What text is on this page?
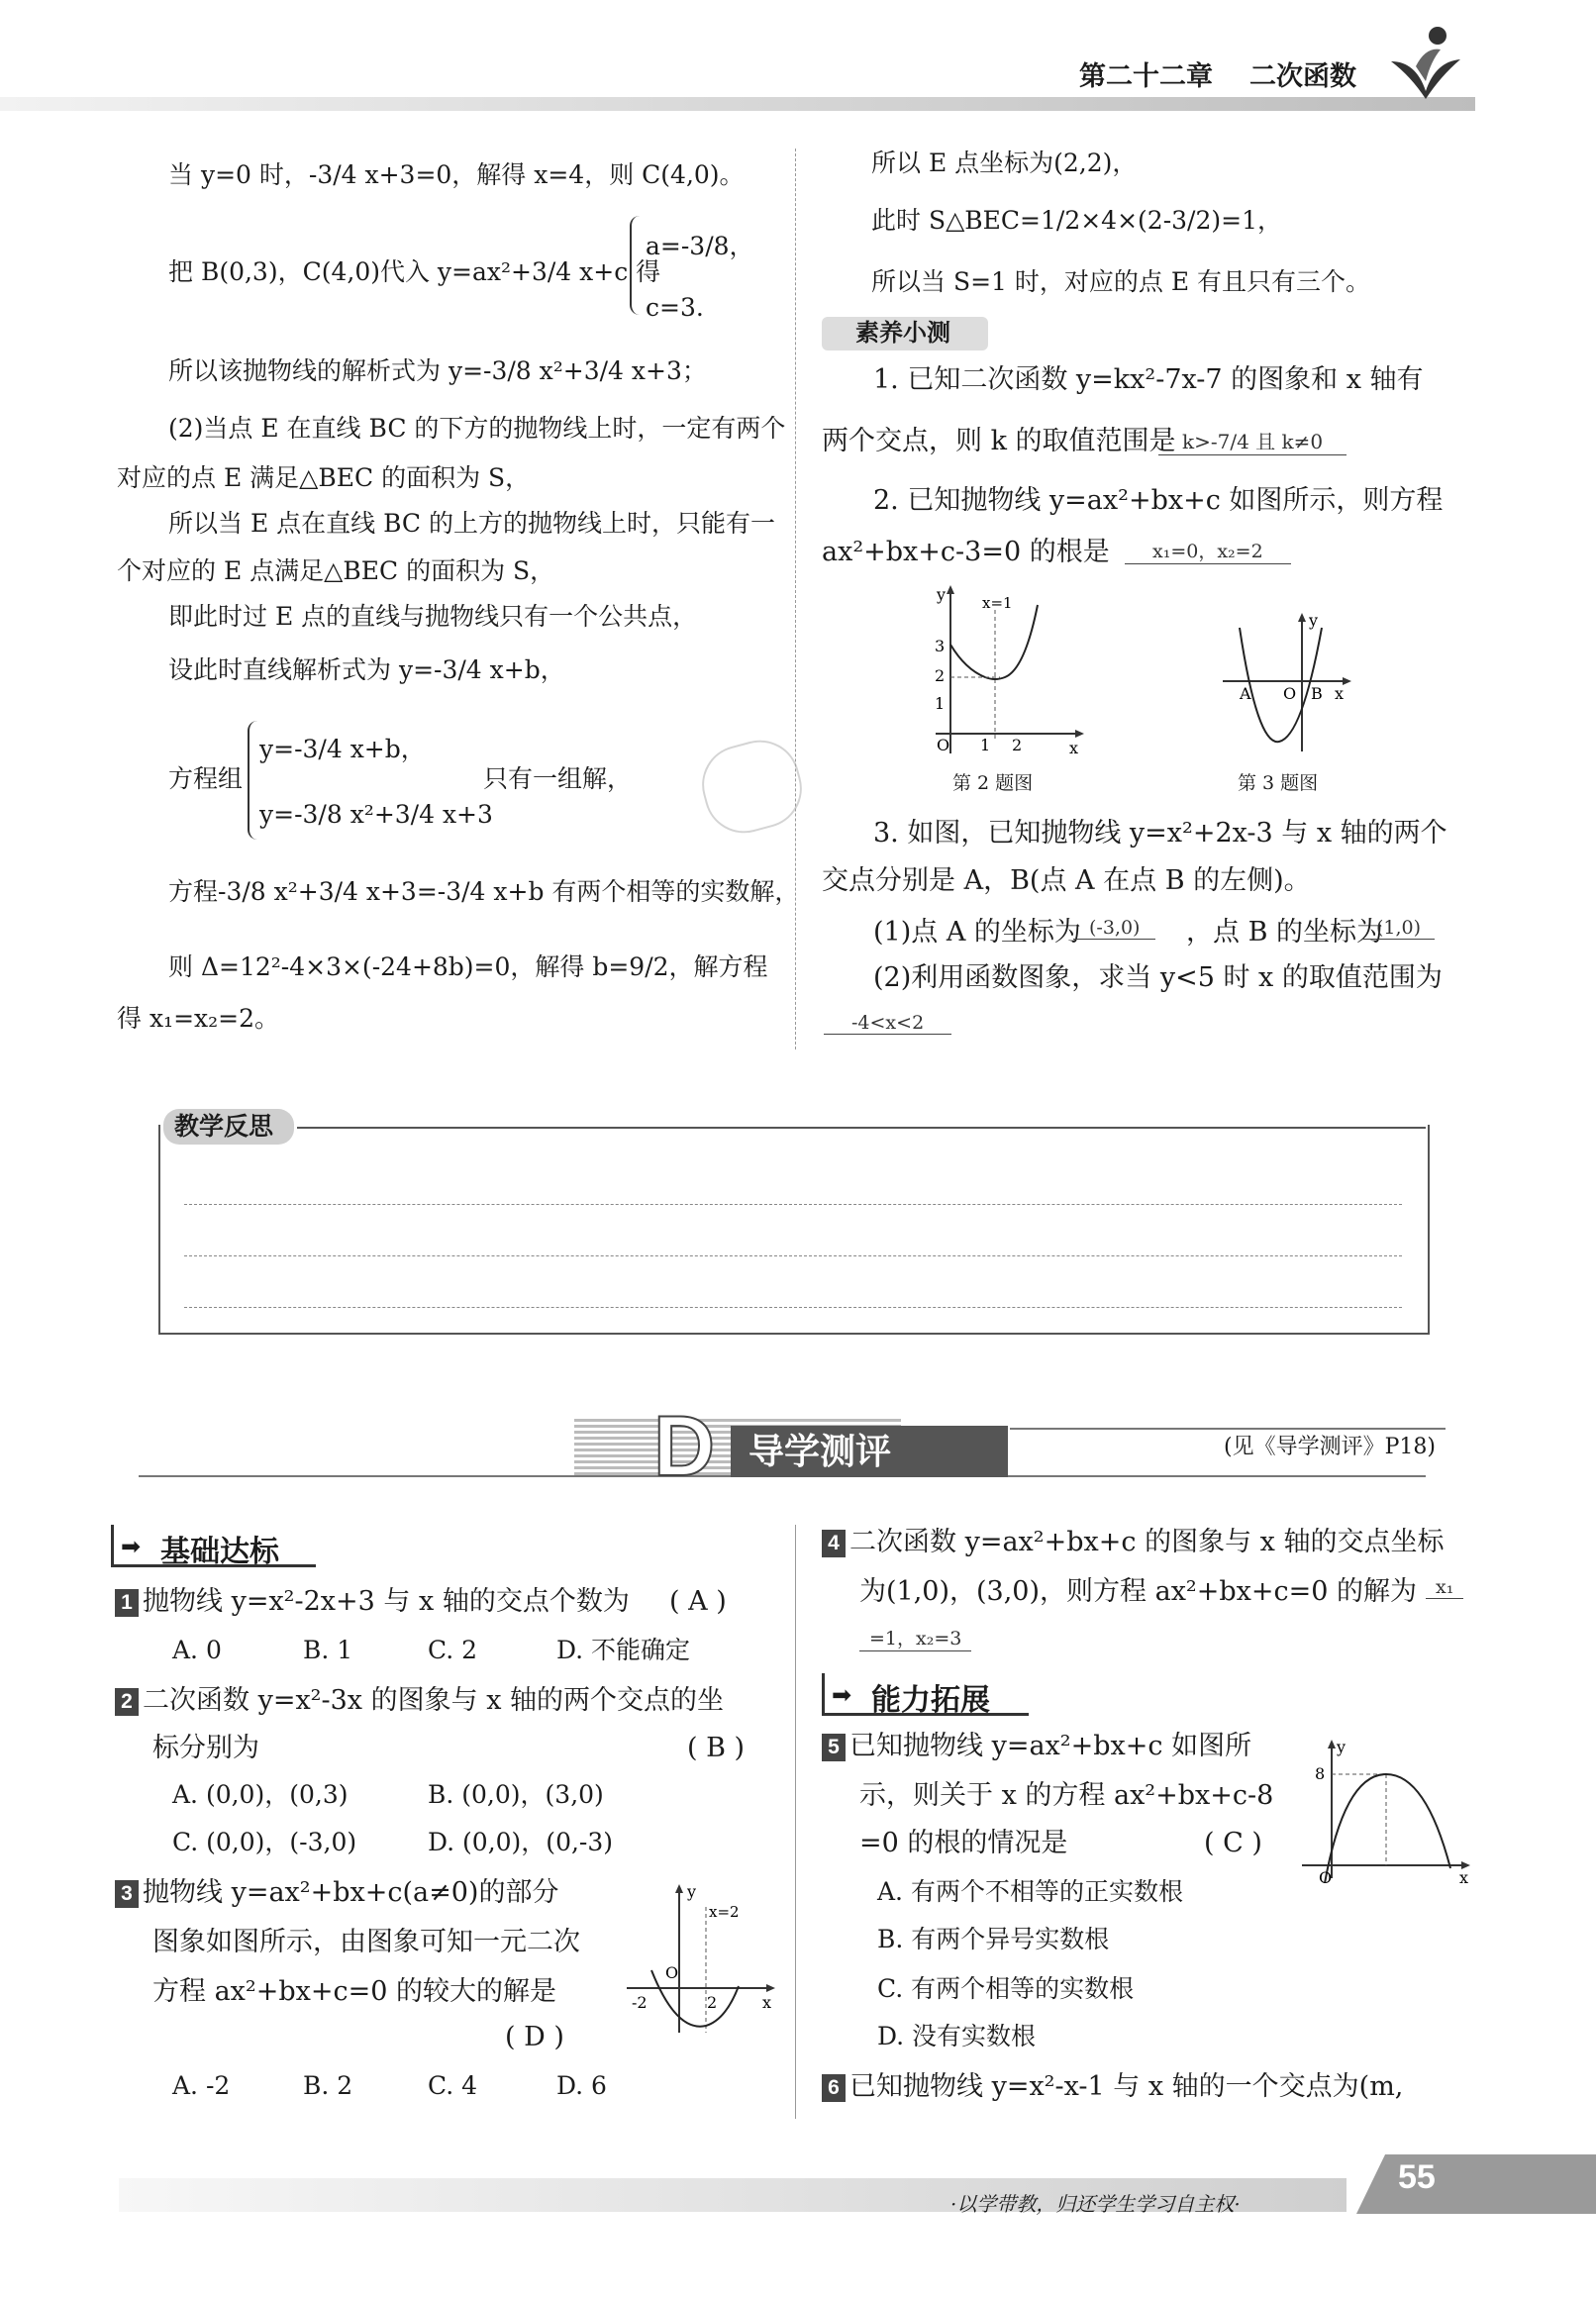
第二十二章 二次函数
当 y=0 时，-3/4 x+3=0，解得 x=4，则 C(4,0)。
把 B(0,3)，C(4,0)代入 y=ax²+3/4 x+c 得
a=-3/8，
c=3.
所以该抛物线的解析式为 y=-3/8 x²+3/4 x+3；
(2)当点 E 在直线 BC 的下方的抛物线上时，一定有两个
对应的点 E 满足△BEC 的面积为 S，
所以当 E 点在直线 BC 的上方的抛物线上时，只能有一
个对应的 E 点满足△BEC 的面积为 S，
即此时过 E 点的直线与抛物线只有一个公共点，
设此时直线解析式为 y=-3/4 x+b，
方程组
y=-3/4 x+b，
y=-3/8 x²+3/4 x+3
只有一组解，
方程-3/8 x²+3/4 x+3=-3/4 x+b 有两个相等的实数解，
则 Δ=12²-4×3×(-24+8b)=0，解得 b=9/2，解方程
得 x₁=x₂=2。
所以 E 点坐标为(2,2)，
此时 S△BEC=1/2×4×(2-3/2)=1，
所以当 S=1 时，对应的点 E 有且只有三个。
素养小测
1. 已知二次函数 y=kx²-7x-7 的图象和 x 轴有
两个交点，则 k 的取值范围是 k>-7/4 且 k≠0
2. 已知抛物线 y=ax²+bx+c 如图所示，则方程
ax²+bx+c-3=0 的根是	x₁=0，x₂=2
y x=1
3
2
1
O 1 2	x
第 2 题图
A O B x
y
第 3 题图
3. 如图，已知抛物线 y=x²+2x-3 与 x 轴的两个
交点分别是 A，B(点 A 在点 B 的左侧)。
(1)点 A 的坐标为 (-3,0)	，点 B 的坐标为
(1,0)
(2)利用函数图象，求当 y<5 时 x 的取值范围为
-4<x<2
教学反思
D 导学测评	(见《导学测评》P18)
➡ 基础达标
1 抛物线 y=x²-2x+3 与 x 轴的交点个数为 ( A )
A. 0	B. 1	C. 2	D. 不能确定
2 二次函数 y=x²-3x 的图象与 x 轴的两个交点的坐
标分别为	( B )
A. (0,0)，(0,3)	B. (0,0)，(3,0)
C. (0,0)，(-3,0)	D. (0,0)，(0,-3)
3 抛物线 y=ax²+bx+c(a≠0)的部分
图象如图所示，由图象可知一元二次
方程 ax²+bx+c=0 的较大的解是
( D )
O
-2	2
x=2
y
x
A. -2	B. 2	C. 4	D. 6
4 二次函数 y=ax²+bx+c 的图象与 x 轴的交点坐标
为(1,0)，(3,0)，则方程 ax²+bx+c=0 的解为 x₁
=1，x₂=3
➡ 能力拓展
5 已知抛物线 y=ax²+bx+c 如图所
示，则关于 x 的方程 ax²+bx+c-8
=0 的根的情况是	( C )
8
y
O	x
A. 有两个不相等的正实数根
B. 有两个异号实数根
C. 有两个相等的实数根
D. 没有实数根
6 已知抛物线 y=x²-x-1 与 x 轴的一个交点为(m,
·以学带教，归还学生学习自主权·
55
